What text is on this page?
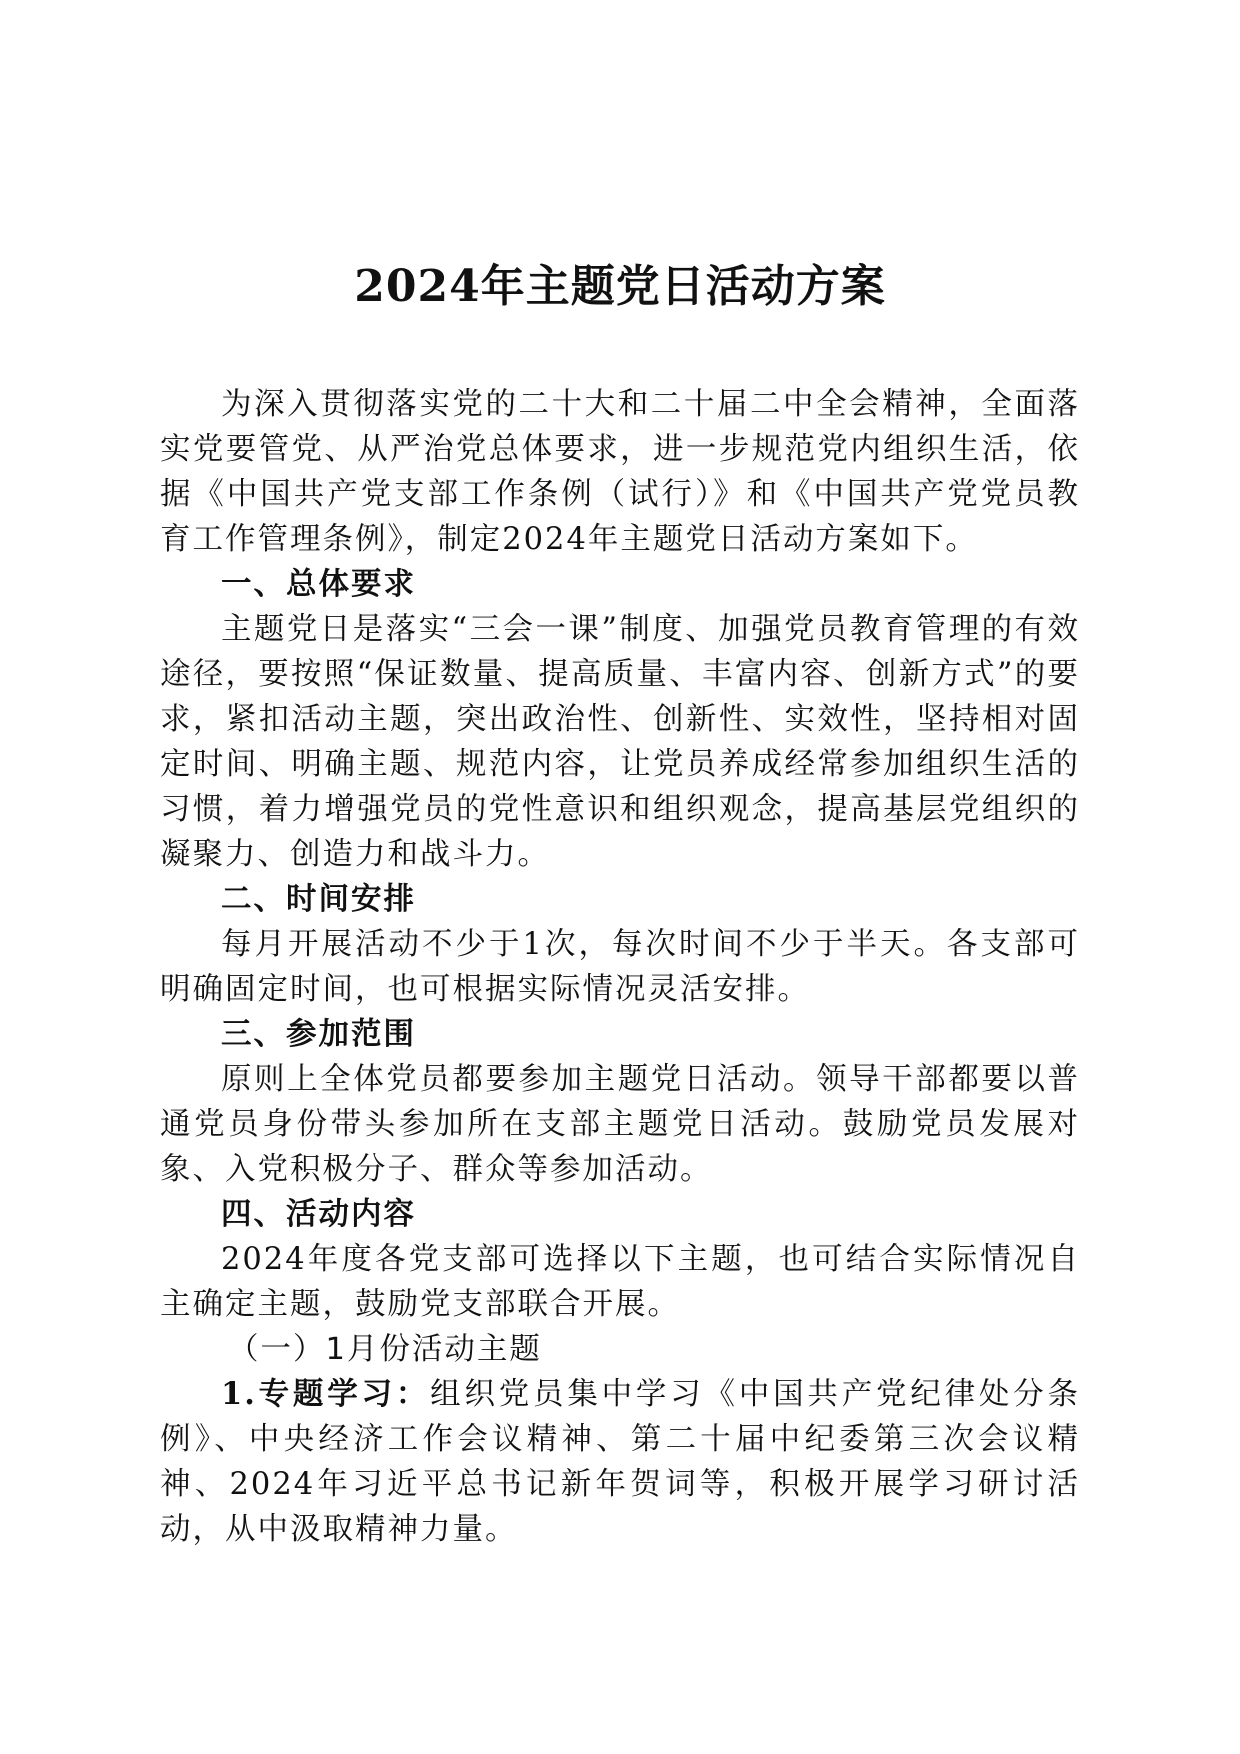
2024年主题党日活动方案

为深入贯彻落实党的二十大和二十届二中全会精神，全面落实党要管党、从严治党总体要求，进一步规范党内组织生活，依据《中国共产党支部工作条例（试行）》和《中国共产党党员教育工作管理条例》，制定2024年主题党日活动方案如下。

一、总体要求

主题党日是落实“三会一课”制度、加强党员教育管理的有效途径，要按照“保证数量、提高质量、丰富内容、创新方式”的要求，紧扣活动主题，突出政治性、创新性、实效性，坚持相对固定时间、明确主题、规范内容，让党员养成经常参加组织生活的习惯，着力增强党员的党性意识和组织观念，提高基层党组织的凝聚力、创造力和战斗力。

二、时间安排

每月开展活动不少于1次，每次时间不少于半天。各支部可明确固定时间，也可根据实际情况灵活安排。

三、参加范围

原则上全体党员都要参加主题党日活动。领导干部都要以普通党员身份带头参加所在支部主题党日活动。鼓励党员发展对象、入党积极分子、群众等参加活动。

四、活动内容

2024年度各党支部可选择以下主题，也可结合实际情况自主确定主题，鼓励党支部联合开展。

（一）1月份活动主题

1.专题学习：组织党员集中学习《中国共产党纪律处分条例》、中央经济工作会议精神、第二十届中纪委第三次会议精神、2024年习近平总书记新年贺词等，积极开展学习研讨活动，从中汲取精神力量。
